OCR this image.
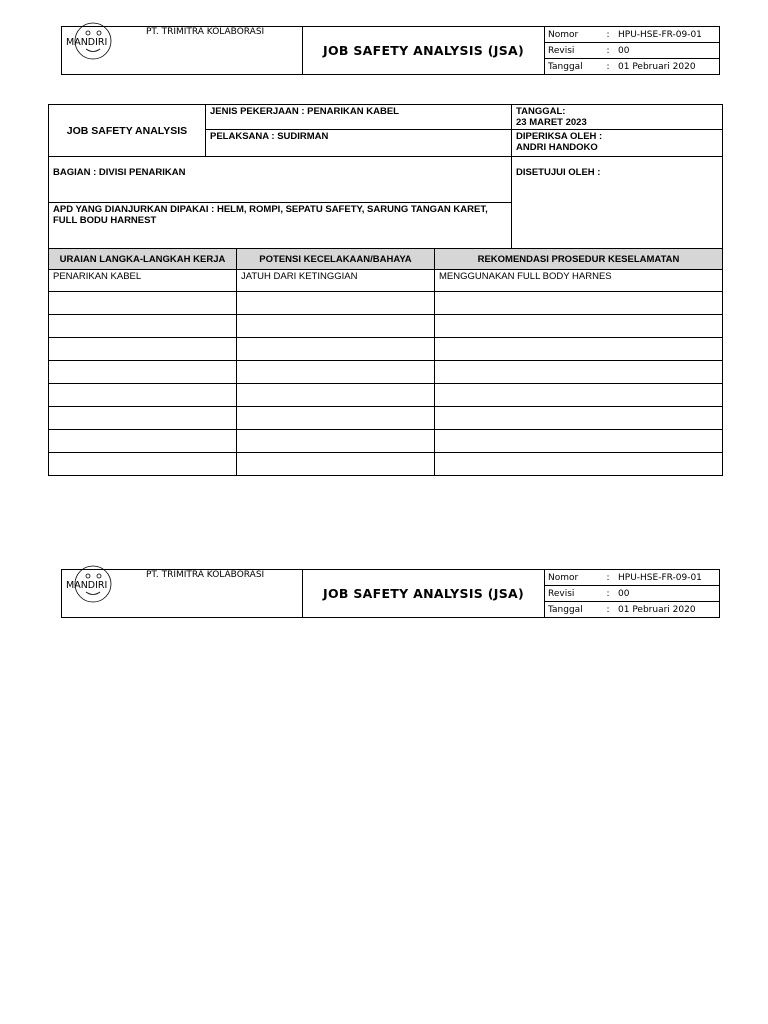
MANDIRI
PT. TRIMITRA KOLABORASI
	JOB SAFETY ANALYSIS (JSA)	
Nomor	:	HPU-HSE-FR-09-01
Revisi	:	00
Tanggal	:	01 Pebruari 2020
JOB SAFETY ANALYSIS	JENIS PEKERJAAN : PENARIKAN KABEL	TANGGAL:
23 MARET 2023

	PELAKSANA : SUDIRMAN	DIPERIKSA OLEH :
ANDRI HANDOKO

BAGIAN : DIVISI PENARIKAN		DISETUJUI OLEH :
APD YANG DIANJURKAN DIPAKAI : HELM, ROMPI, SEPATU SAFETY, SARUNG TANGAN KARET, FULL BODU HARNEST		
URAIAN LANGKA-LANGKAH KERJA	POTENSI KECELAKAAN/BAHAYA	REKOMENDASI PROSEDUR KESELAMATAN
PENARIKAN KABEL	JATUH DARI KETINGGIAN	MENGGUNAKAN FULL BODY HARNES

MANDIRI
PT. TRIMITRA KOLABORASI
	JOB SAFETY ANALYSIS (JSA)	
Nomor	:	HPU-HSE-FR-09-01
Revisi	:	00
Tanggal	:	01 Pebruari 2020
